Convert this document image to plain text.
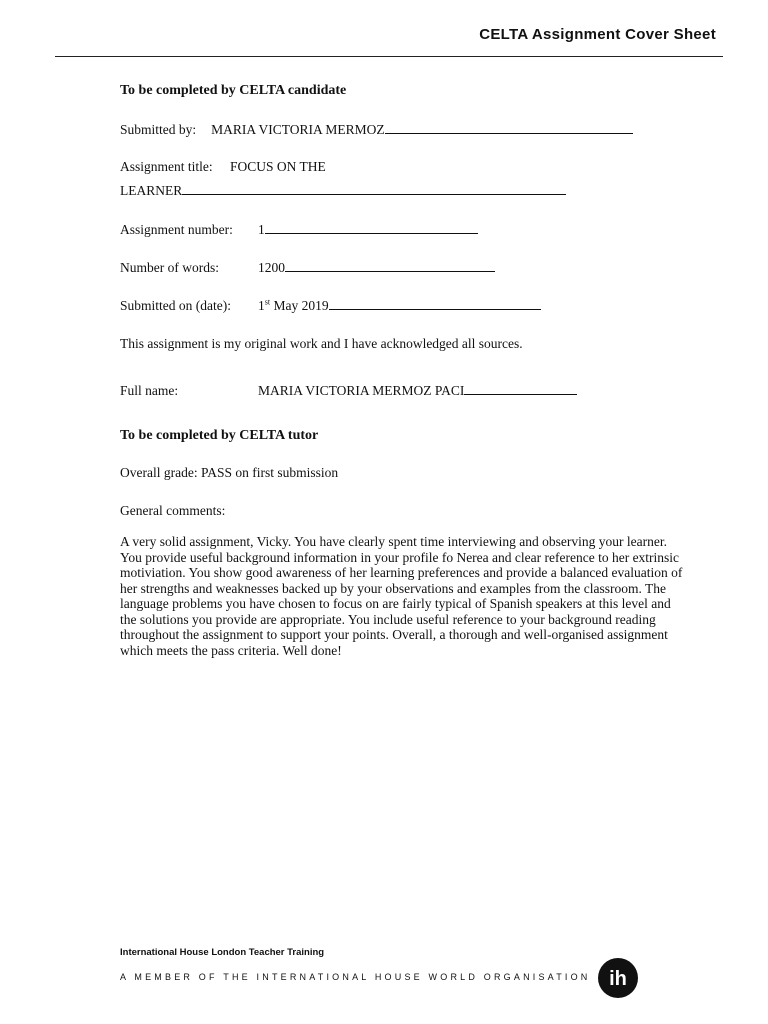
CELTA Assignment Cover Sheet
To be completed by CELTA candidate
Submitted by: MARIA VICTORIA MERMOZ
Assignment title: FOCUS ON THE
LEARNER
Assignment number: 1
Number of words:	1200
Submitted on (date): 1st May 2019
This assignment is my original work and I have acknowledged all sources.
Full name:	MARIA VICTORIA MERMOZ PACI
To be completed by CELTA tutor
Overall grade: PASS on first submission
General comments:
A very solid assignment, Vicky. You have clearly spent time interviewing and observing your learner. You provide useful background information in your profile fo Nerea and clear reference to her extrinsic motiviation. You show good awareness of her learning preferences and provide a balanced evaluation of her strengths and weaknesses backed up by your observations and examples from the classroom. The language problems you have chosen to focus on are fairly typical of Spanish speakers at this level and the solutions you provide are appropriate. You include useful reference to your background reading throughout the assignment to support your points. Overall, a thorough and well-organised assignment which meets the pass criteria. Well done!
International House London Teacher Training
A MEMBER OF THE INTERNATIONAL HOUSE WORLD ORGANISATION ih
